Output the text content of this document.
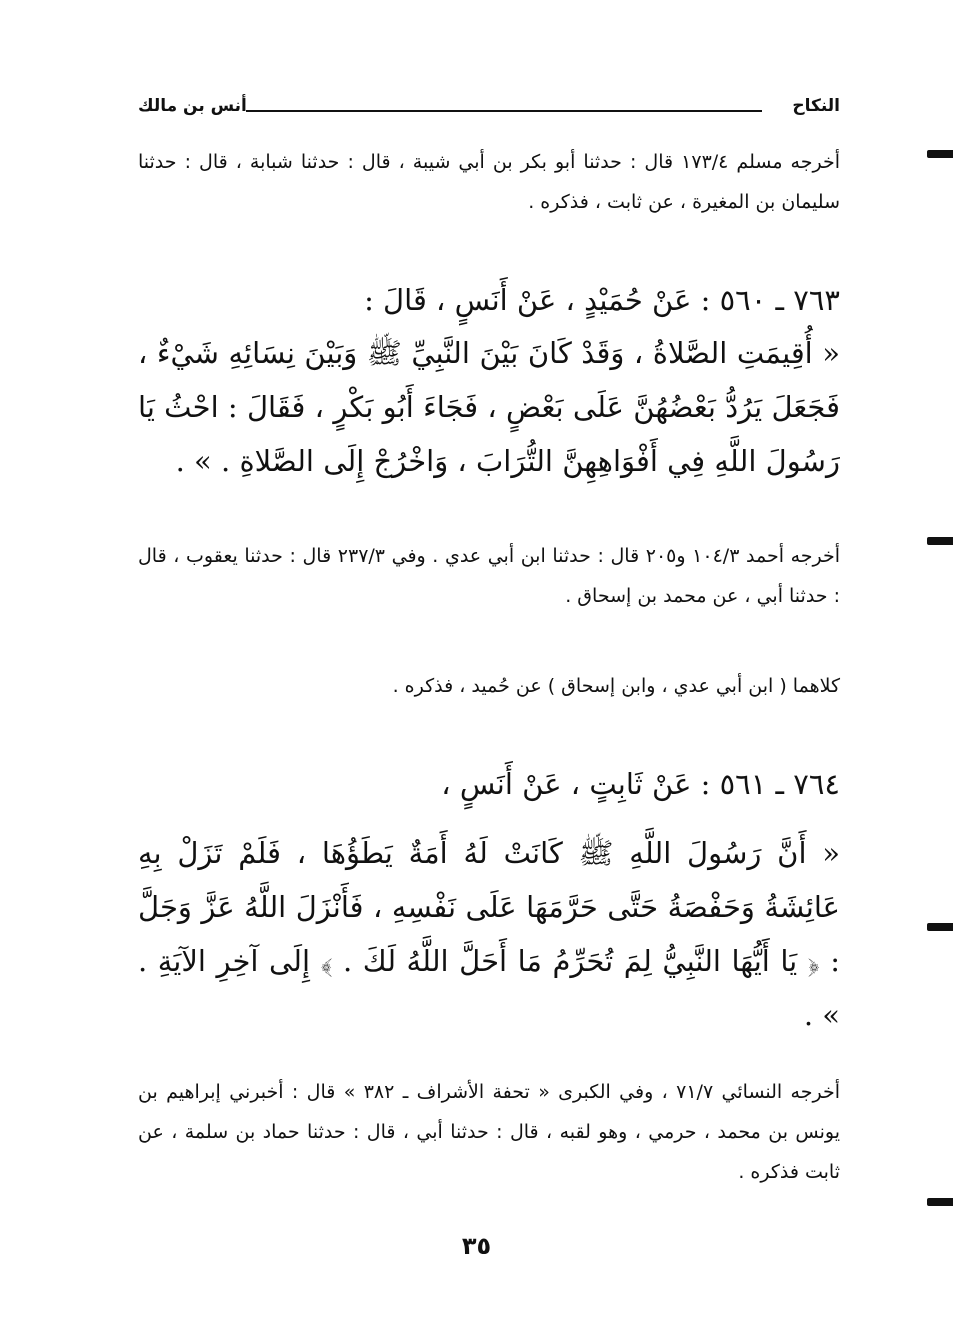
النكاح
أنس بن مالك
أخرجه مسلم ١٧٣/٤ قال : حدثنا أبو بكر بن أبي شيبة ، قال : حدثنا شبابة ، قال : حدثنا سليمان بن المغيرة ، عن ثابت ، فذكره .
٧٦٣ ـ ٥٦٠ : عَنْ حُمَيْدٍ ، عَنْ أَنَسٍ ، قَالَ :
« أُقِيمَتِ الصَّلاةُ ، وَقَدْ كَانَ بَيْنَ النَّبِيِّ ﷺ وَبَيْنَ نِسَائِهِ شَيْءٌ ، فَجَعَلَ يَرُدُّ بَعْضُهُنَّ عَلَى بَعْضٍ ، فَجَاءَ أَبُو بَكْرٍ ، فَقَالَ : احْثُ يَا رَسُولَ اللَّهِ فِي أَفْوَاهِهِنَّ التُّرَابَ ، وَاخْرُجْ إِلَى الصَّلاةِ . » .
أخرجه أحمد ١٠٤/٣ و٢٠٥ قال : حدثنا ابن أبي عدي . وفي ٢٣٧/٣ قال : حدثنا يعقوب ، قال : حدثنا أبي ، عن محمد بن إسحاق .
كلاهما ( ابن أبي عدي ، وابن إسحاق ) عن حُميد ، فذكره .
٧٦٤ ـ ٥٦١ : عَنْ ثَابِتٍ ، عَنْ أَنَسٍ ،
« أَنَّ رَسُولَ اللَّهِ ﷺ كَانَتْ لَهُ أَمَةٌ يَطَؤُهَا ، فَلَمْ تَزَلْ بِهِ عَائِشَةُ وَحَفْصَةُ حَتَّى حَرَّمَهَا عَلَى نَفْسِهِ ، فَأَنْزَلَ اللَّهُ عَزَّ وَجَلَّ : ﴿ يَا أَيُّهَا النَّبِيُّ لِمَ تُحَرِّمُ مَا أَحَلَّ اللَّهُ لَكَ . ﴾ إِلَى آخِرِ الآيَةِ . » .
أخرجه النسائي ٧١/٧ ، وفي الكبرى « تحفة الأشراف ـ ٣٨٢ » قال : أخبرني إبراهيم بن يونس بن محمد ، حرمي ، وهو لقبه ، قال : حدثنا أبي ، قال : حدثنا حماد بن سلمة ، عن ثابت فذكره .
٣٥
